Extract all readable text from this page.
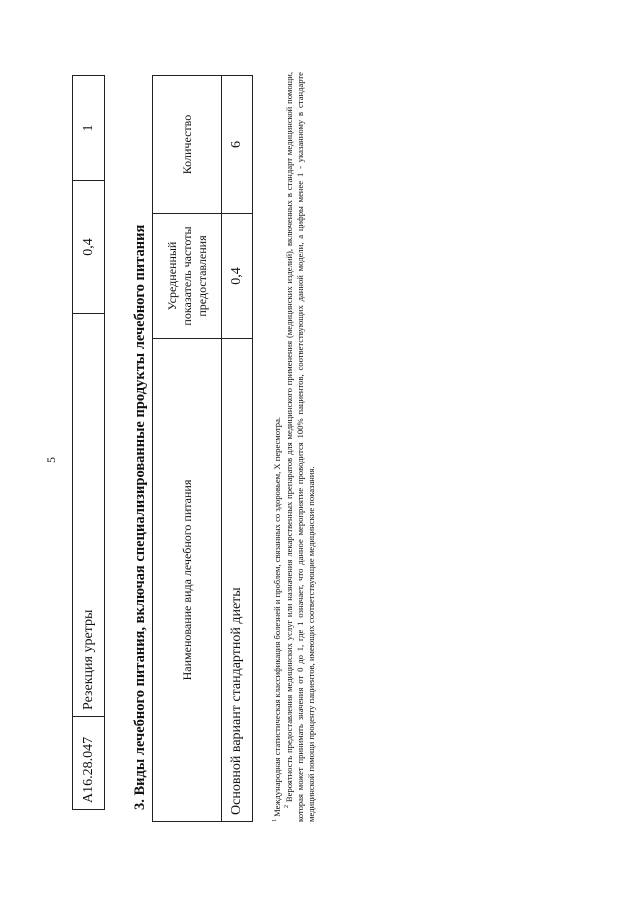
5
A16.28.047	Резекция уретры	0,4	1
3. Виды лечебного питания, включая специализированные продукты лечебного питания	Наименование вида лечебного питания	Усредненный показатель частоты предоставления	Количество
Основной вариант стандартной диеты	0,4	6

$^1$ Международная статистическая классификация болезней и проблем, связанных со здоровьем, X пересмотра. $^2$ Вероятность предоставления медицинских услуг или назначения лекарственных препаратов для медицинского применения (медицинских изделий), включенных в стандарт медицинской помощи, которая может принимать значения от 0 до 1, где 1 означает, что данное мероприятие проводится 100% пациентов, соответствующих данной модели, а цифры менее 1 - указанному в стандарте медицинской помощи проценту пациентов, имеющих соответствующие медицинские показания.
